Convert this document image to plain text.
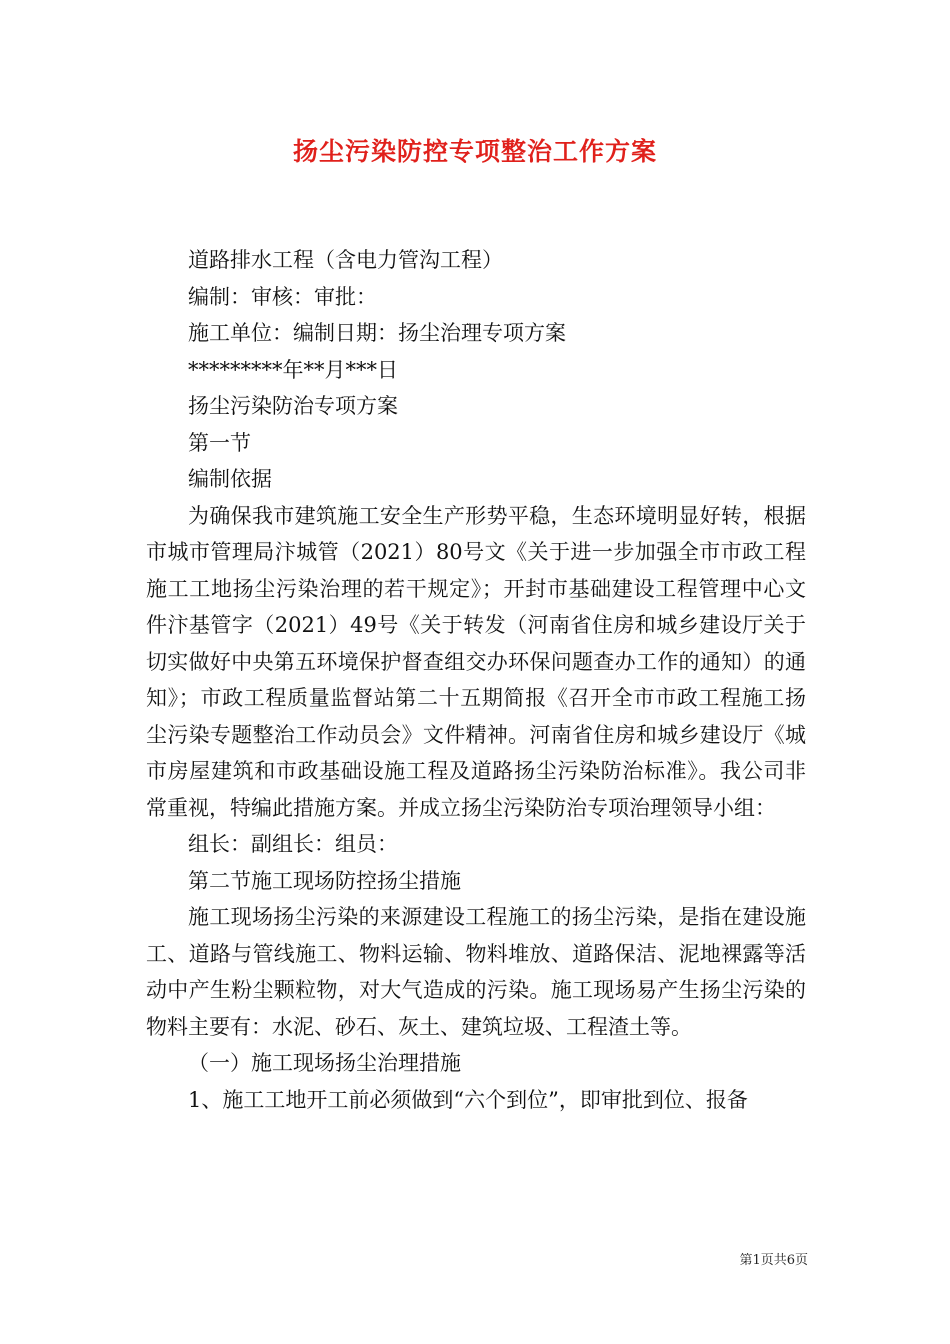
扬尘污染防控专项整治工作方案

道路排水工程（含电力管沟工程）

编制：审核：审批：

施工单位：编制日期：扬尘治理专项方案

*********年**月***日

扬尘污染防治专项方案

第一节

编制依据

为确保我市建筑施工安全生产形势平稳，生态环境明显好转，根据市城市管理局汴城管（2021）80号文《关于进一步加强全市市政工程施工工地扬尘污染治理的若干规定》；开封市基础建设工程管理中心文件汴基管字（2021）49号《关于转发（河南省住房和城乡建设厅关于切实做好中央第五环境保护督查组交办环保问题查办工作的通知）的通知》；市政工程质量监督站第二十五期简报《召开全市市政工程施工扬尘污染专题整治工作动员会》文件精神。河南省住房和城乡建设厅《城市房屋建筑和市政基础设施工程及道路扬尘污染防治标准》。我公司非常重视，特编此措施方案。并成立扬尘污染防治专项治理领导小组：

组长：副组长：组员：

第二节施工现场防控扬尘措施

施工现场扬尘污染的来源建设工程施工的扬尘污染，是指在建设施工、道路与管线施工、物料运输、物料堆放、道路保洁、泥地裸露等活动中产生粉尘颗粒物，对大气造成的污染。施工现场易产生扬尘污染的物料主要有：水泥、砂石、灰土、建筑垃圾、工程渣土等。

（一）施工现场扬尘治理措施

1、施工工地开工前必须做到“六个到位”，即审批到位、报备

第1页共6页
